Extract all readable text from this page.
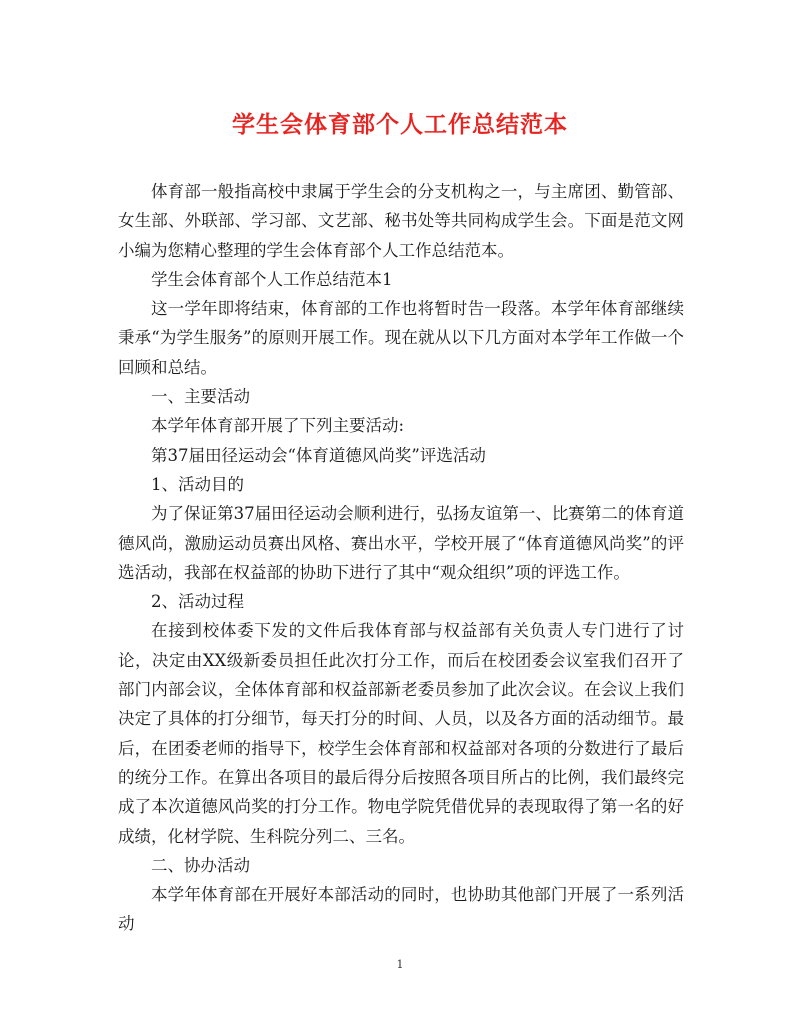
学生会体育部个人工作总结范本

体育部一般指高校中隶属于学生会的分支机构之一，与主席团、勤管部、女生部、外联部、学习部、文艺部、秘书处等共同构成学生会。下面是范文网小编为您精心整理的学生会体育部个人工作总结范本。

学生会体育部个人工作总结范本1

这一学年即将结束，体育部的工作也将暂时告一段落。本学年体育部继续秉承“为学生服务”的原则开展工作。现在就从以下几方面对本学年工作做一个回顾和总结。

一、主要活动

本学年体育部开展了下列主要活动:

第37届田径运动会“体育道德风尚奖”评选活动

1、活动目的

为了保证第37届田径运动会顺利进行，弘扬友谊第一、比赛第二的体育道德风尚，激励运动员赛出风格、赛出水平，学校开展了“体育道德风尚奖”的评选活动，我部在权益部的协助下进行了其中“观众组织”项的评选工作。

2、活动过程

在接到校体委下发的文件后我体育部与权益部有关负责人专门进行了讨论，决定由XX级新委员担任此次打分工作，而后在校团委会议室我们召开了部门内部会议，全体体育部和权益部新老委员参加了此次会议。在会议上我们决定了具体的打分细节，每天打分的时间、人员，以及各方面的活动细节。最后，在团委老师的指导下，校学生会体育部和权益部对各项的分数进行了最后的统分工作。在算出各项目的最后得分后按照各项目所占的比例，我们最终完成了本次道德风尚奖的打分工作。物电学院凭借优异的表现取得了第一名的好成绩，化材学院、生科院分列二、三名。

二、协办活动

本学年体育部在开展好本部活动的同时，也协助其他部门开展了一系列活动

1
